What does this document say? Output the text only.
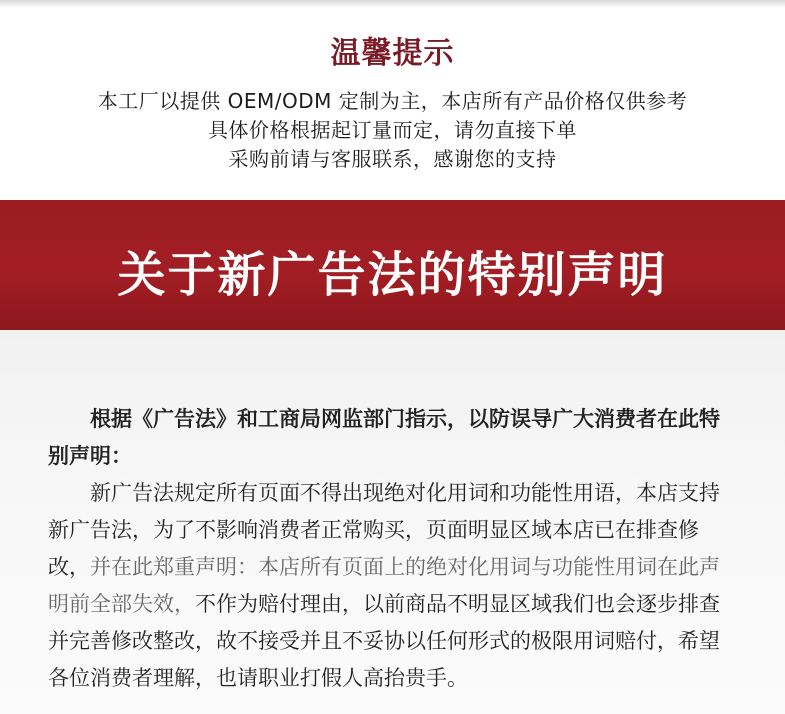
温馨提示
本工厂以提供 OEM/ODM 定制为主，本店所有产品价格仅供参考
具体价格根据起订量而定，请勿直接下单
采购前请与客服联系，感谢您的支持
关于新广告法的特别声明

根据《广告法》和工商局网监部门指示，以防误导广大消费者在此特别声明：

新广告法规定所有页面不得出现绝对化用词和功能性用语，本店支持新广告法，为了不影响消费者正常购买，页面明显区域本店已在排查修改，并在此郑重声明：本店所有页面上的绝对化用词与功能性用词在此声明前全部失效，不作为赔付理由，以前商品不明显区域我们也会逐步排查并完善修改整改，故不接受并且不妥协以任何形式的极限用词赔付，希望各位消费者理解，也请职业打假人高抬贵手。
